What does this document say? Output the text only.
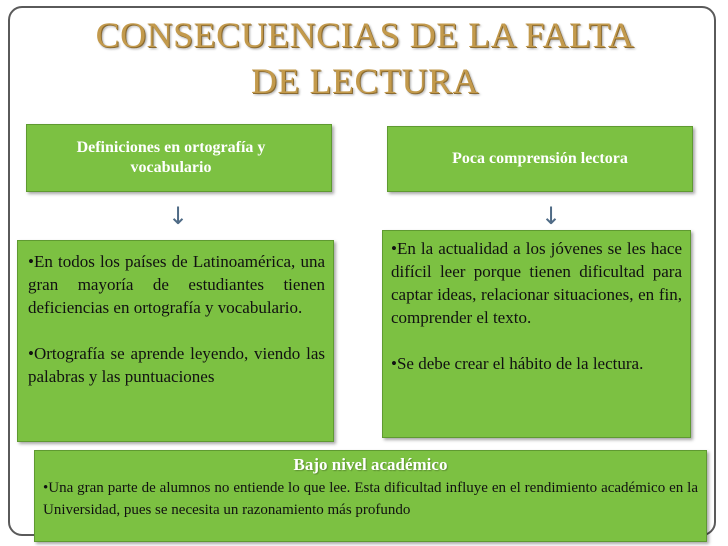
CONSECUENCIAS DE LA FALTA
DE LECTURA
Definiciones en ortografía y vocabulario
Poca comprensión lectora
↓	↓

•En todos los países de Latinoamérica, una gran mayoría de estudiantes tienen deficiencias en ortografía y vocabulario.

•Ortografía se aprende leyendo, viendo las palabras y las puntuaciones

•En la actualidad a los jóvenes se les hace difícil leer porque tienen dificultad para captar ideas, relacionar situaciones, en fin, comprender el texto.

•Se debe crear el hábito de la lectura.

Bajo nivel académico
•Una gran parte de alumnos no entiende lo que lee. Esta dificultad influye en el rendimiento académico en la Universidad, pues se necesita un razonamiento más profundo
